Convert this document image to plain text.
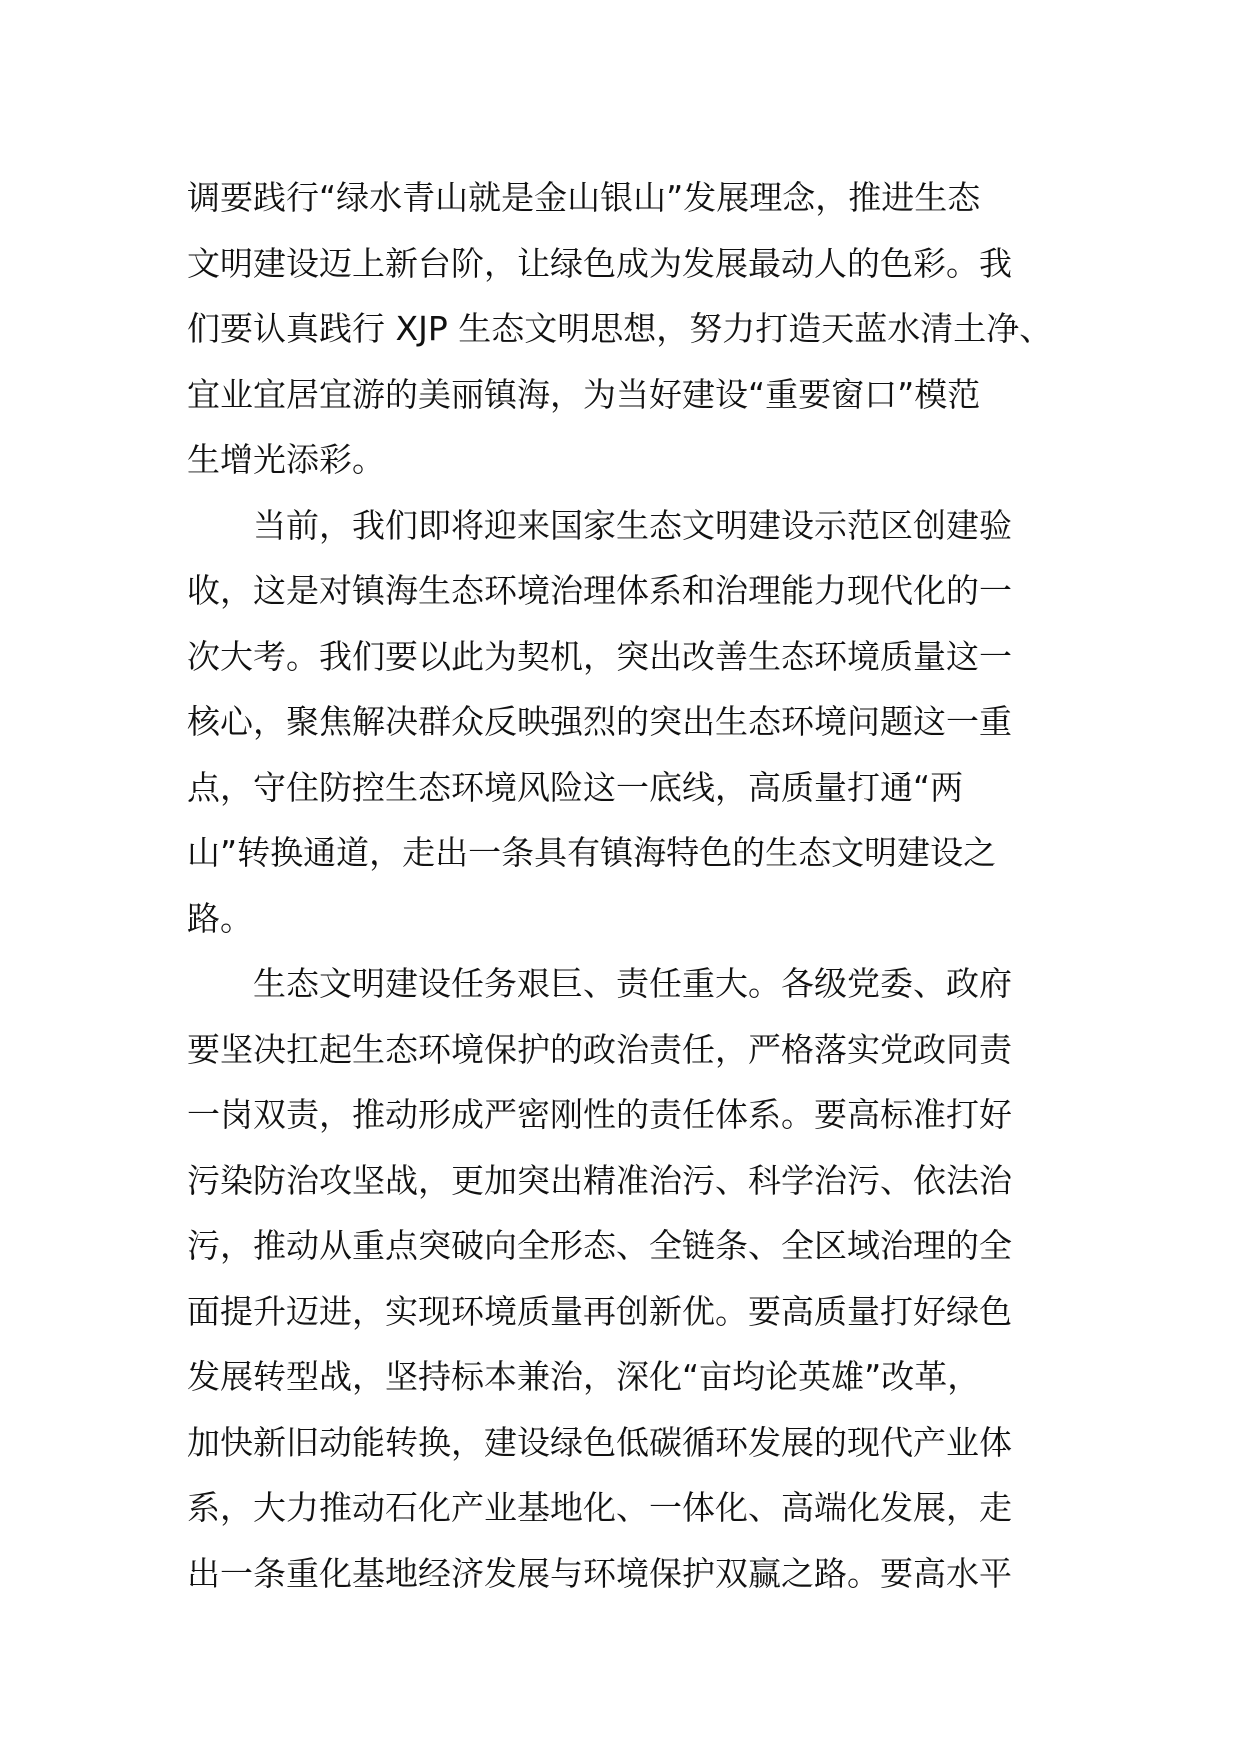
调要践行“绿水青山就是金山银山”发展理念，推进生态
文明建设迈上新台阶，让绿色成为发展最动人的色彩。我
们要认真践行 XJP 生态文明思想，努力打造天蓝水清土净、
宜业宜居宜游的美丽镇海，为当好建设“重要窗口”模范
生增光添彩。
当前，我们即将迎来国家生态文明建设示范区创建验
收，这是对镇海生态环境治理体系和治理能力现代化的一
次大考。我们要以此为契机，突出改善生态环境质量这一
核心，聚焦解决群众反映强烈的突出生态环境问题这一重
点，守住防控生态环境风险这一底线，高质量打通“两
山”转换通道，走出一条具有镇海特色的生态文明建设之
路。
生态文明建设任务艰巨、责任重大。各级党委、政府
要坚决扛起生态环境保护的政治责任，严格落实党政同责
一岗双责，推动形成严密刚性的责任体系。要高标准打好
污染防治攻坚战，更加突出精准治污、科学治污、依法治
污，推动从重点突破向全形态、全链条、全区域治理的全
面提升迈进，实现环境质量再创新优。要高质量打好绿色
发展转型战，坚持标本兼治，深化“亩均论英雄”改革，
加快新旧动能转换，建设绿色低碳循环发展的现代产业体
系，大力推动石化产业基地化、一体化、高端化发展，走
出一条重化基地经济发展与环境保护双赢之路。要高水平
